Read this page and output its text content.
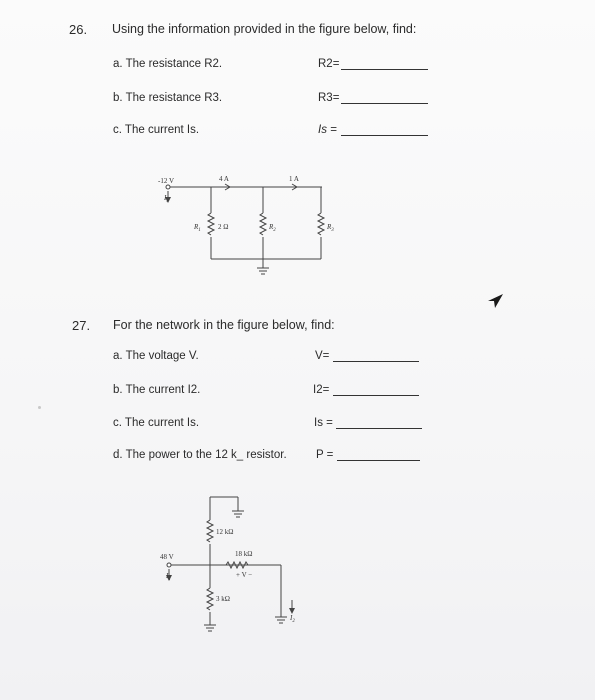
26. Using the information provided in the figure below, find:
a. The resistance R2.	R2=
b. The resistance R3.	R3=
c. The current Is.	Is =
-12 V
$I_s$
4 A	1 A
$R_1$ 2 Ω	$R_2$	$R_3$
27. For the network in the figure below, find:
a. The voltage V.	V=
b. The current I2.	I2=
c. The current Is.	Is =
d. The power to the 12 k_ resistor.	P =
48 V
$I_s$
12 kΩ
18 kΩ
+ V −
3 kΩ
$I_2$
